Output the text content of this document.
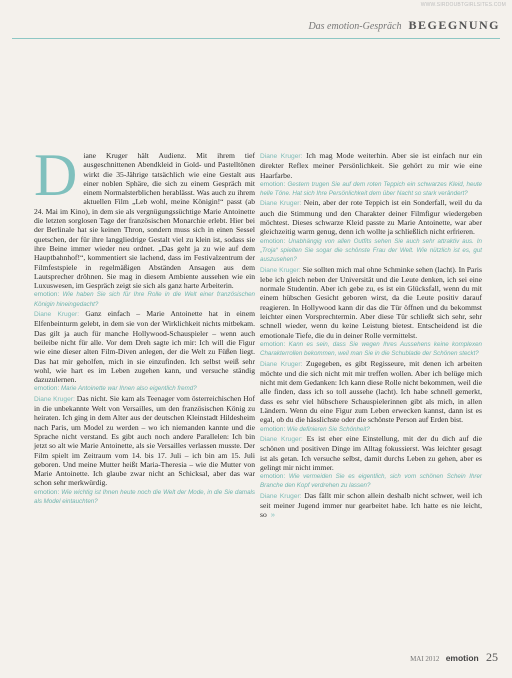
WWW.SIRDOUBTGIRLSITES.COM
Das emotion-Gespräch BEGEGNUNG
D iane Kruger hält Audienz. Mit ihrem tief ausgeschnittenen Abendkleid in Gold- und Pastelltönen wirkt die 35-Jährige tatsächlich wie eine Gestalt aus einer noblen Sphäre, die sich zu einem Gespräch mit einem Normalsterblichen herablässt. Was auch zu ihrem aktuellen Film „Leb wohl, meine Königin!“ passt (ab 24. Mai im Kino), in dem sie als vergnügungssüchtige Marie Antoinette die letzten sorglosen Tage der französischen Monarchie erlebt. Hier bei der Berlinale hat sie keinen Thron, sondern muss sich in einen Sessel quetschen, der für ihre langgliedrige Gestalt viel zu klein ist, sodass sie ihre Beine immer wieder neu ordnet. „Das geht ja zu wie auf dem Hauptbahnhof!“, kommentiert sie lachend, dass im Festivalzentrum der Filmfestspiele in regelmäßigen Abständen Ansagen aus dem Lautsprecher dröhnen. Sie mag in diesem Ambiente aussehen wie ein Luxuswesen, im Gespräch zeigt sie sich als ganz harte Arbeiterin.

emotion: Wie haben Sie sich für Ihre Rolle in die Welt einer französischen Königin hineingedacht?

Diane Kruger: Ganz einfach – Marie Antoinette hat in einem Elfenbeinturm gelebt, in dem sie von der Wirklichkeit nichts mitbekam. Das gilt ja auch für manche Hollywood-Schauspieler – wenn auch beileibe nicht für alle. Vor dem Dreh sagte ich mir: Ich will die Figur wie eine dieser alten Film-Diven anlegen, der die Welt zu Füßen liegt. Das hat mir geholfen, mich in sie einzufinden. Ich selbst weiß sehr wohl, wie hart es im Leben zugehen kann, und versuche ständig dazuzulernen.

emotion: Marie Antoinette war Ihnen also eigentlich fremd?

Diane Kruger: Das nicht. Sie kam als Teenager vom österreichischen Hof in die unbekannte Welt von Versailles, um den französischen König zu heiraten. Ich ging in dem Alter aus der deutschen Kleinstadt Hildesheim nach Paris, um Model zu werden – wo ich niemanden kannte und die Sprache nicht verstand. Es gibt auch noch andere Parallelen: Ich bin jetzt so alt wie Marie Antoinette, als sie Versailles verlassen musste. Der Film spielt im Zeitraum vom 14. bis 17. Juli – ich bin am 15. Juli geboren. Und meine Mutter heißt Maria-Theresia – wie die Mutter von Marie Antoinette. Ich glaube zwar nicht an Schicksal, aber das war schon sehr merkwürdig.

emotion: Wie wichtig ist Ihnen heute noch die Welt der Mode, in die Sie damals als Model eintauchten?

Diane Kruger: Ich mag Mode weiterhin. Aber sie ist einfach nur ein direkter Reflex meiner Persönlichkeit. Sie gehört zu mir wie eine Haarfarbe.

emotion: Gestern trugen Sie auf dem roten Teppich ein schwarzes Kleid, heute helle Töne. Hat sich Ihre Persönlichkeit dem über Nacht so stark verändert?

Diane Kruger: Nein, aber der rote Teppich ist ein Sonderfall, weil du da auch die Stimmung und den Charakter deiner Filmfigur wiedergeben möchtest. Dieses schwarze Kleid passte zu Marie Antoinette, war aber gleichzeitig warm genug, denn ich wollte ja schließlich nicht erfrieren.

emotion: Unabhängig von allen Outfits sehen Sie auch sehr attraktiv aus. In „Troja“ spielten Sie sogar die schönste Frau der Welt. Wie nützlich ist es, gut auszusehen?

Diane Kruger: Sie sollten mich mal ohne Schminke sehen (lacht). In Paris lebe ich gleich neben der Universität und die Leute denken, ich sei eine normale Studentin. Aber ich gebe zu, es ist ein Glücksfall, wenn du mit einem hübschen Gesicht geboren wirst, da die Leute positiv darauf reagieren. In Hollywood kann dir das die Tür öffnen und du bekommst leichter einen Vorsprechtermin. Aber diese Tür schließt sich sehr, sehr schnell wieder, wenn du keine Leistung bietest. Entscheidend ist die emotionale Tiefe, die du in deiner Rolle vermittelst.

emotion: Kann es sein, dass Sie wegen Ihres Aussehens keine komplexen Charakterrollen bekommen, weil man Sie in die Schublade der Schönen steckt?

Diane Kruger: Zugegeben, es gibt Regisseure, mit denen ich arbeiten möchte und die sich nicht mit mir treffen wollen. Aber ich belüge mich nicht mit dem Gedanken: Ich kann diese Rolle nicht bekommen, weil die alle finden, dass ich so toll aussehe (lacht). Ich habe schnell gemerkt, dass es sehr viel hübschere Schauspielerinnen gibt als mich, in allen Ländern. Wenn du eine Figur zum Leben erwecken kannst, dann ist es egal, ob du die hässlichste oder die schönste Person auf Erden bist.

emotion: Wie definieren Sie Schönheit?

Diane Kruger: Es ist eher eine Einstellung, mit der du dich auf die schönen und positiven Dinge im Alltag fokussierst. Was leichter gesagt ist als getan. Ich versuche selbst, damit durchs Leben zu gehen, aber es gelingt mir nicht immer.

emotion: Wie vermeiden Sie es eigentlich, sich vom schönen Schein Ihrer Branche den Kopf verdrehen zu lassen?

Diane Kruger: Das fällt mir schon allein deshalb nicht schwer, weil ich seit meiner Jugend immer nur gearbeitet habe. Ich hatte es nie leicht, so »

MAI 2012 emotion 25
